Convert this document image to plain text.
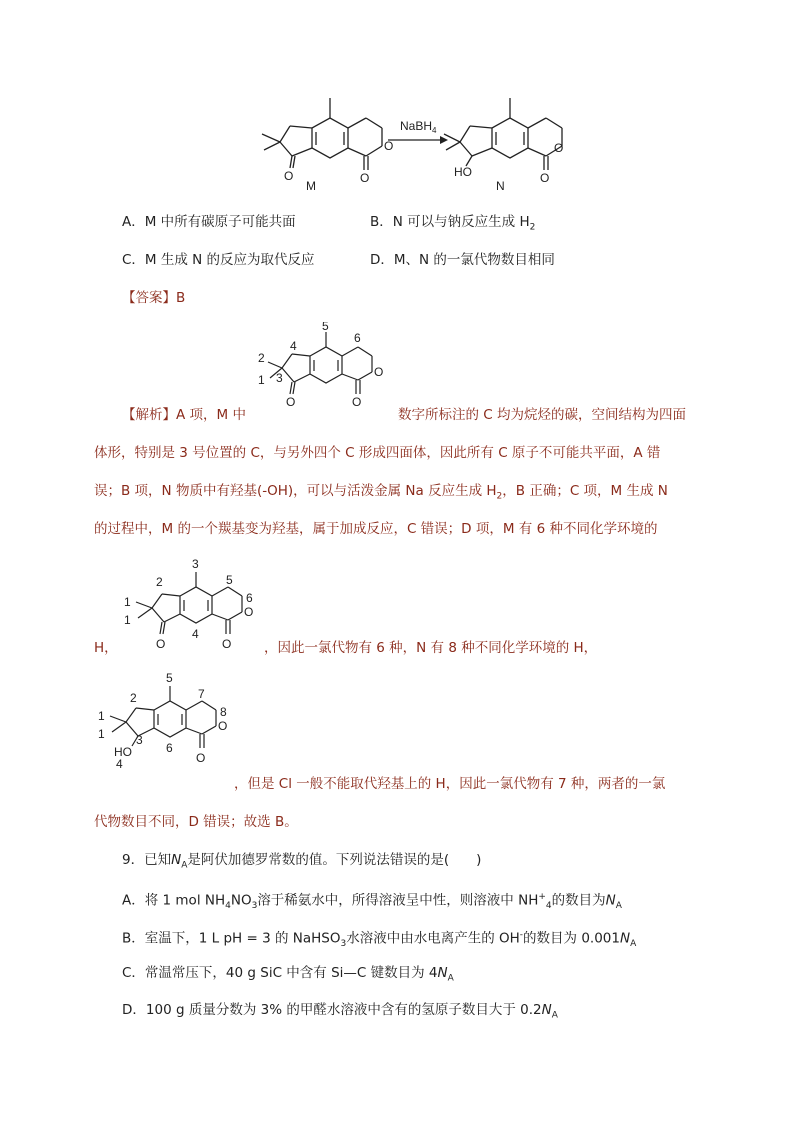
O
O
O
M
NaBH$_4$
HO
O
O
N
A．M 中所有碳原子可能共面	B．N 可以与钠反应生成 $H_2$
C．M 生成 N 的反应为取代反应	D．M、N 的一氯代物数目相同
【答案】B
5
6
4
2
1 3	O
O	O
【解析】A 项，M 中	数字所标注的 C 均为烷烃的碳，空间结构为四面
体形，特别是 3 号位置的 C，与另外四个 C 形成四面体，因此所有 C 原子不可能共平面，A 错
误；B 项，N 物质中有羟基(-OH)，可以与活泼金属 Na 反应生成 $H_2$，B 正确；C 项，M 生成 N
的过程中，M 的一个羰基变为羟基，属于加成反应，C 错误；D 项，M 有 6 种不同化学环境的
3
2	5
6
1
1
4
O
O	O
H，	，因此一氯代物有 6 种，N 有 8 种不同化学环境的 H，
5
7
2
8
1
1	3
6
4
HO
O
O
，但是 Cl 一般不能取代羟基上的 H，因此一氯代物有 7 种，两者的一氯
代物数目不同，D 错误；故选 B。
9．已知$N_A$是阿伏加德罗常数的值。下列说法错误的是(　　)
A．将 1 mol $NH_4NO_3$溶于稀氨水中，所得溶液呈中性，则溶液中 $NH^+_4$的数目为$N_A$
B．室温下，1 L pH = 3 的 NaHSO$_3$水溶液中由水电离产生的 OH-的数目为 $0.001N_A$
C．常温常压下，40 g SiC 中含有 Si—C 键数目为 $4N_A$
D．100 g 质量分数为 3% 的甲醛水溶液中含有的氢原子数目大于 $0.2N_A$
